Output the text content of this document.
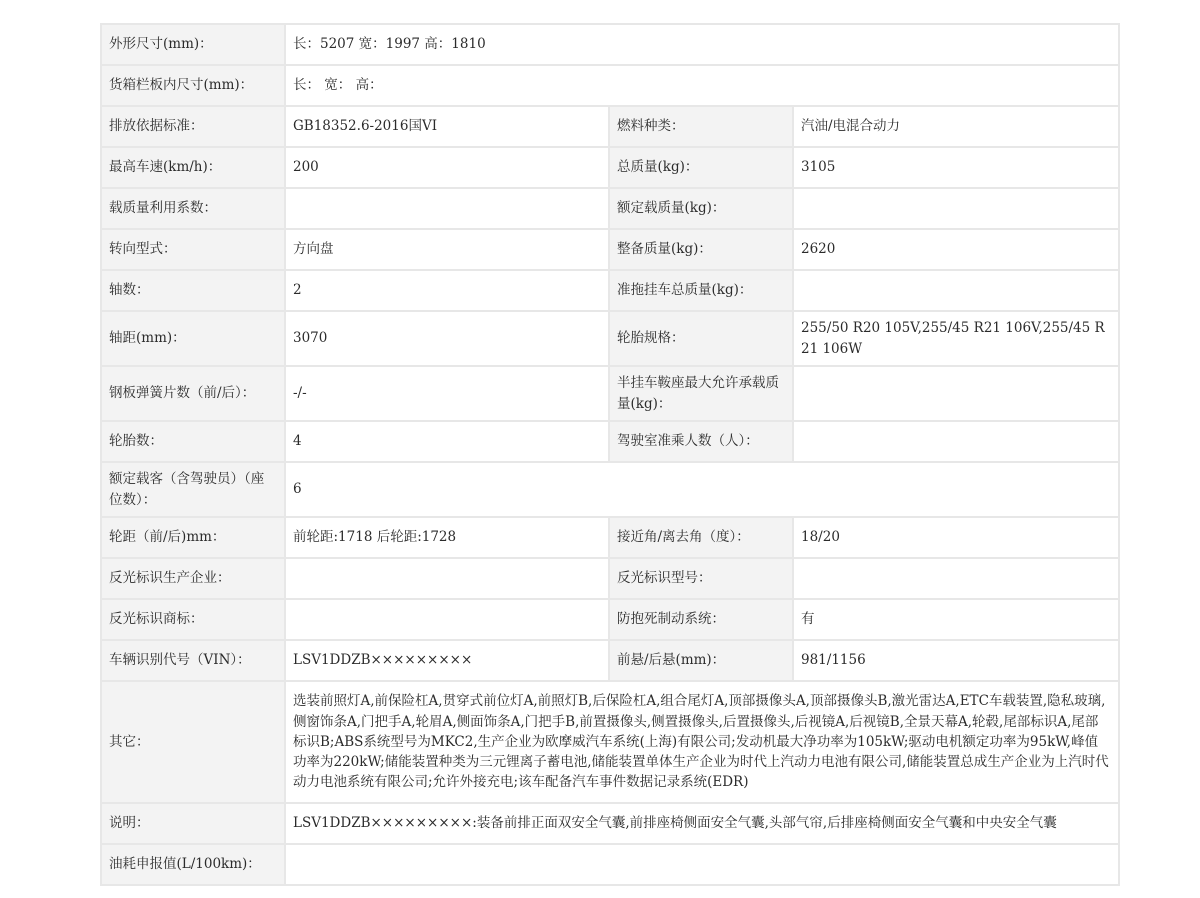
外形尺寸(mm)：	长：5207 宽：1997 高：1810		
货箱栏板内尺寸(mm)：	长： 宽： 高：		
排放依据标准：	GB18352.6-2016国VI	燃料种类：	汽油/电混合动力
最高车速(km/h)：	200	总质量(kg)：	3105
载质量利用系数：		额定载质量(kg)：	
转向型式：	方向盘	整备质量(kg)：	2620
轴数：	2	准拖挂车总质量(kg)：	
轴距(mm)：	3070	轮胎规格：	255/50 R20 105V,255/45 R21 106V,255/45 R21 106W
钢板弹簧片数（前/后）：	-/-	半挂车鞍座最大允许承载质量(kg)：	
轮胎数：	4	驾驶室准乘人数（人）：	
额定载客（含驾驶员）（座位数）：	6		
轮距（前/后)mm：	前轮距:1718 后轮距:1728	接近角/离去角（度）：	18/20
反光标识生产企业：		反光标识型号：	
反光标识商标：		防抱死制动系统：	有
车辆识别代号（VIN）：	LSV1DDZB×××××××××	前悬/后悬(mm)：	981/1156
其它：	选装前照灯A,前保险杠A,贯穿式前位灯A,前照灯B,后保险杠A,组合尾灯A,顶部摄像头A,顶部摄像头B,激光雷达A,ETC车载装置,隐私玻璃,侧窗饰条A,门把手A,轮眉A,侧面饰条A,门把手B,前置摄像头,侧置摄像头,后置摄像头,后视镜A,后视镜B,全景天幕A,轮毂,尾部标识A,尾部标识B;ABS系统型号为MKC2,生产企业为欧摩威汽车系统(上海)有限公司;发动机最大净功率为105kW;驱动电机额定功率为95kW,峰值功率为220kW;储能装置种类为三元锂离子蓄电池,储能装置单体生产企业为时代上汽动力电池有限公司,储能装置总成生产企业为上汽时代动力电池系统有限公司;允许外接充电;该车配备汽车事件数据记录系统(EDR)		
说明：	LSV1DDZB×××××××××:装备前排正面双安全气囊,前排座椅侧面安全气囊,头部气帘,后排座椅侧面安全气囊和中央安全气囊		
油耗申报值(L/100km)：			
